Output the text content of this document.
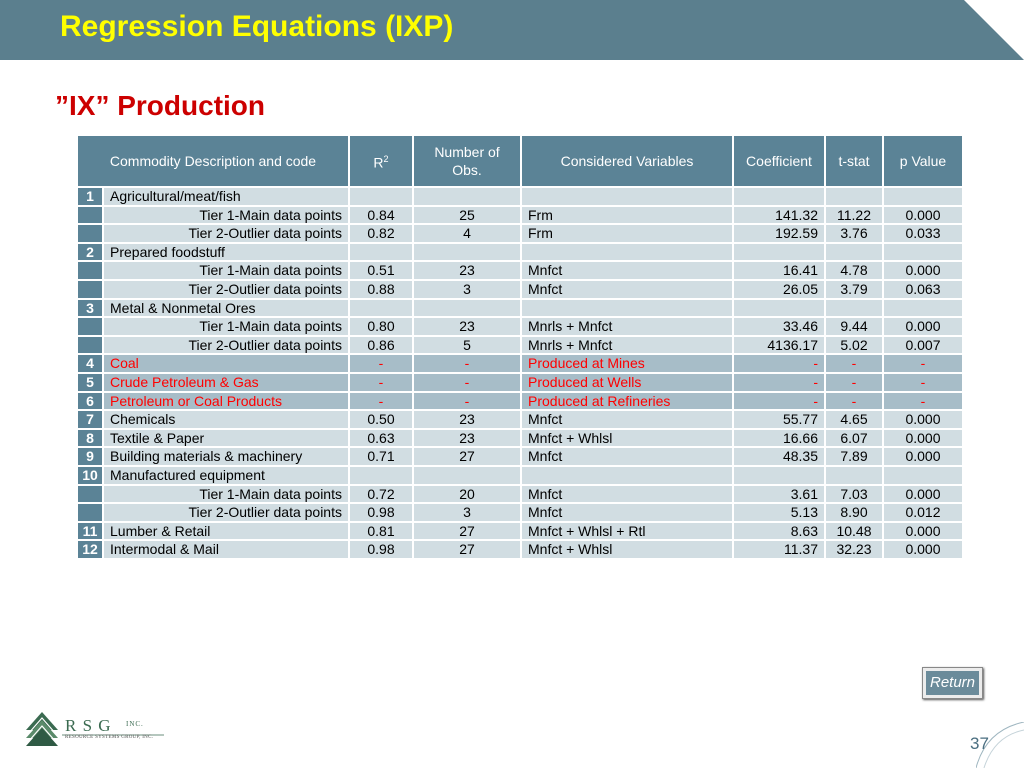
Regression Equations (IXP)
”IX” Production
Commodity Description and code		$R^2$	Number of Obs.	Considered Variables	Coefficient	t-stat	p Value
1	Agricultural/meat/fish						
	Tier 1-Main data points	0.84	25	Frm	141.32	11.22	0.000
	Tier 2-Outlier data points	0.82	4	Frm	192.59	3.76	0.033
2	Prepared foodstuff						
	Tier 1-Main data points	0.51	23	Mnfct	16.41	4.78	0.000
	Tier 2-Outlier data points	0.88	3	Mnfct	26.05	3.79	0.063
3	Metal & Nonmetal Ores						
	Tier 1-Main data points	0.80	23	Mnrls + Mnfct	33.46	9.44	0.000
	Tier 2-Outlier data points	0.86	5	Mnrls + Mnfct	4136.17	5.02	0.007
4	Coal	-	-	Produced at Mines	-	-	-
5	Crude Petroleum & Gas	-	-	Produced at Wells	-	-	-
6	Petroleum or Coal Products	-	-	Produced at Refineries	-	-	-
7	Chemicals	0.50	23	Mnfct	55.77	4.65	0.000
8	Textile & Paper	0.63	23	Mnfct + Whlsl	16.66	6.07	0.000
9	Building materials & machinery	0.71	27	Mnfct	48.35	7.89	0.000
10	Manufactured equipment						
	Tier 1-Main data points	0.72	20	Mnfct	3.61	7.03	0.000
	Tier 2-Outlier data points	0.98	3	Mnfct	5.13	8.90	0.012
11	Lumber & Retail	0.81	27	Mnfct + Whlsl + Rtl	8.63	10.48	0.000
12	Intermodal & Mail	0.98	27	Mnfct + Whlsl	11.37	32.23	0.000
Return
R S G INC.
RESOURCE SYSTEMS GROUP, INC.	37
